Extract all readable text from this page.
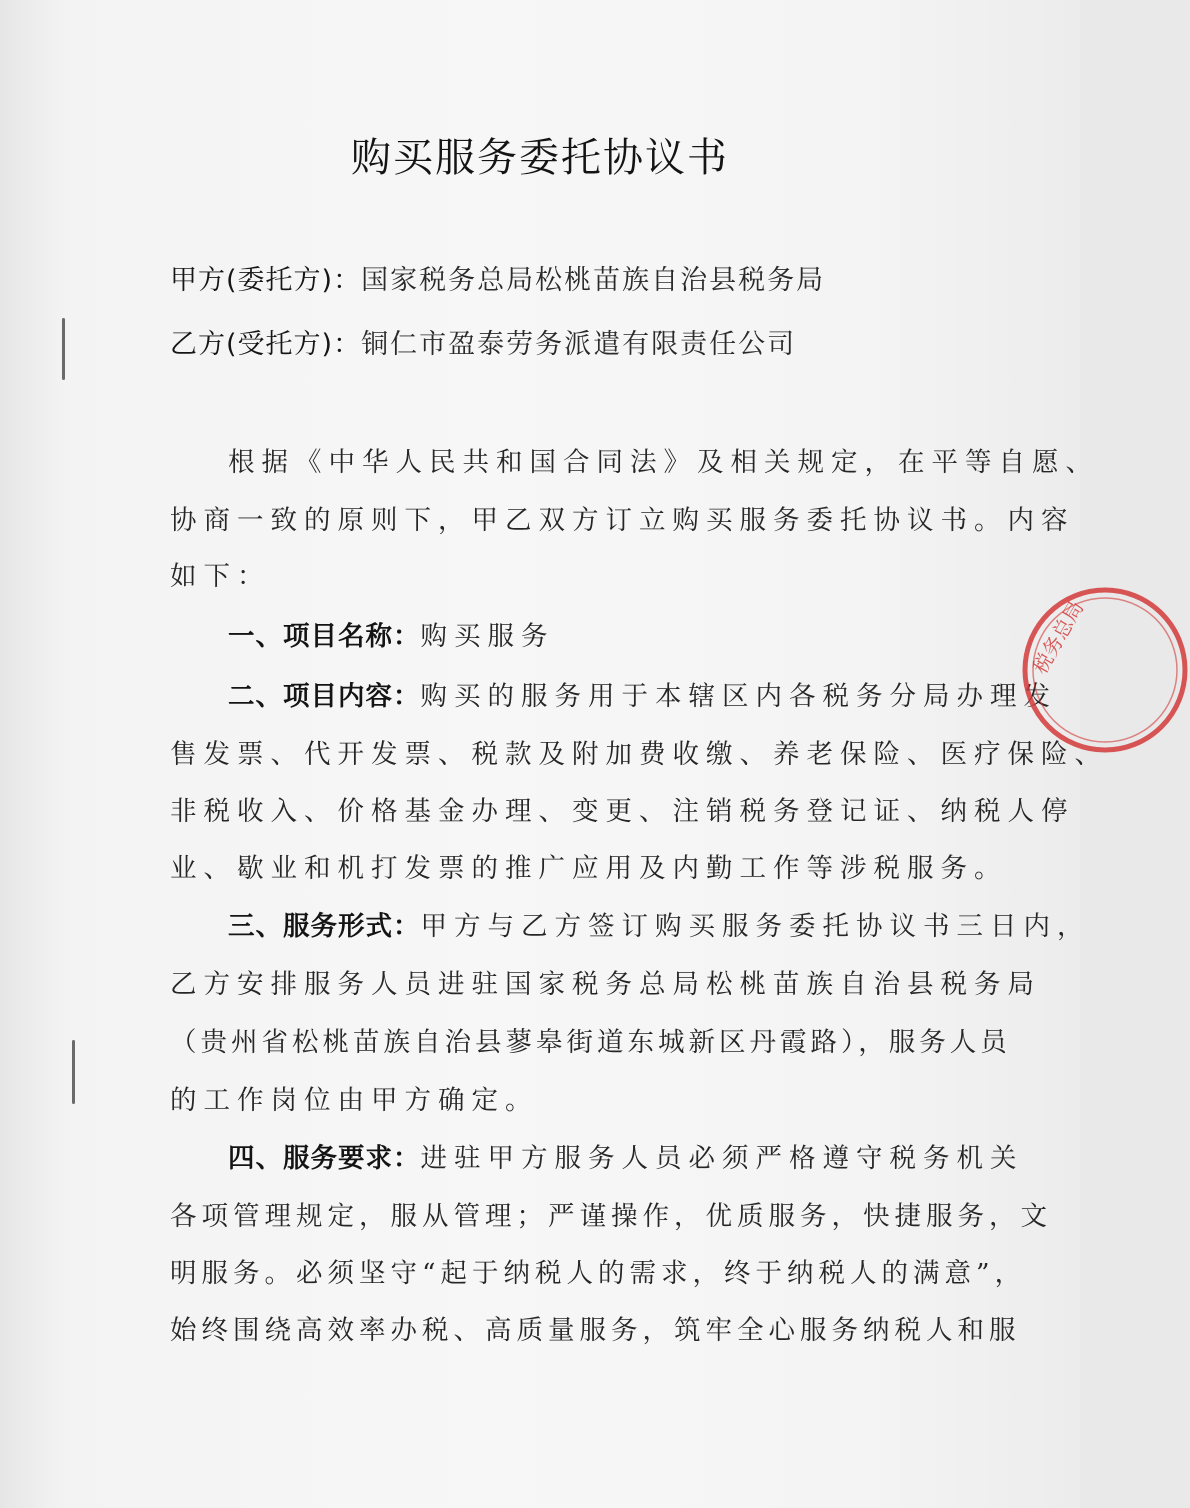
购买服务委托协议书
甲方(委托方)：国家税务总局松桃苗族自治县税务局
乙方(受托方)：铜仁市盈泰劳务派遣有限责任公司
根据《中华人民共和国合同法》及相关规定，在平等自愿、
协商一致的原则下，甲乙双方订立购买服务委托协议书。内容
如下：
一、项目名称：购买服务
二、项目内容：购买的服务用于本辖区内各税务分局办理发
售发票、代开发票、税款及附加费收缴、养老保险、医疗保险、
非税收入、价格基金办理、变更、注销税务登记证、纳税人停
业、歇业和机打发票的推广应用及内勤工作等涉税服务。
三、服务形式：甲方与乙方签订购买服务委托协议书三日内，
乙方安排服务人员进驻国家税务总局松桃苗族自治县税务局
（贵州省松桃苗族自治县蓼皋街道东城新区丹霞路），服务人员
的工作岗位由甲方确定。
四、服务要求：进驻甲方服务人员必须严格遵守税务机关
各项管理规定，服从管理；严谨操作，优质服务，快捷服务，文
明服务。必须坚守“起于纳税人的需求，终于纳税人的满意”，
始终围绕高效率办税、高质量服务，筑牢全心服务纳税人和服
税务总局
